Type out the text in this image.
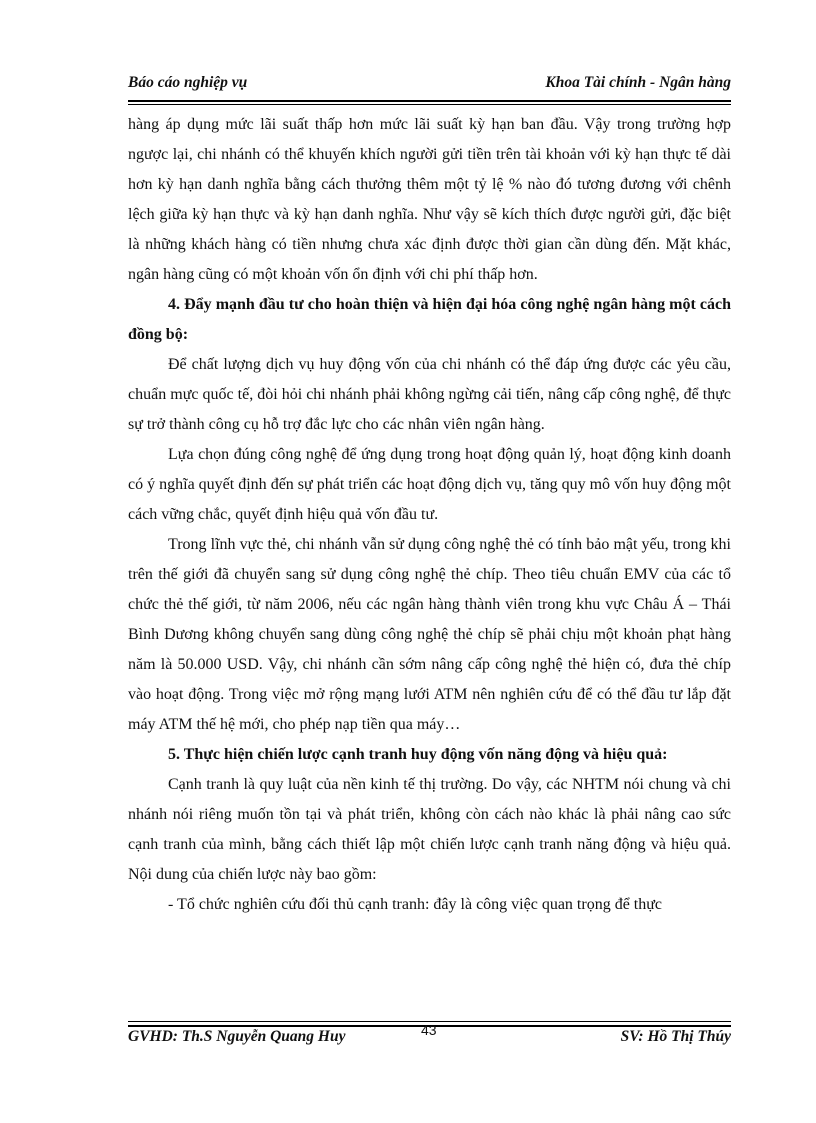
Báo cáo nghiệp vụ	Khoa Tài chính - Ngân hàng

hàng áp dụng mức lãi suất thấp hơn mức lãi suất kỳ hạn ban đầu. Vậy trong trường hợp ngược lại, chi nhánh có thể khuyến khích người gửi tiền trên tài khoản với kỳ hạn thực tế dài hơn kỳ hạn danh nghĩa bằng cách thưởng thêm một tỷ lệ % nào đó tương đương với chênh lệch giữa kỳ hạn thực và kỳ hạn danh nghĩa. Như vậy sẽ kích thích được người gửi, đặc biệt là những khách hàng có tiền nhưng chưa xác định được thời gian cần dùng đến. Mặt khác, ngân hàng cũng có một khoản vốn ổn định với chi phí thấp hơn.

4. Đẩy mạnh đầu tư cho hoàn thiện và hiện đại hóa công nghệ ngân hàng một cách đồng bộ:

Để chất lượng dịch vụ huy động vốn của chi nhánh có thể đáp ứng được các yêu cầu, chuẩn mực quốc tế, đòi hỏi chi nhánh phải không ngừng cải tiến, nâng cấp công nghệ, để thực sự trở thành công cụ hỗ trợ đắc lực cho các nhân viên ngân hàng.

Lựa chọn đúng công nghệ để ứng dụng trong hoạt động quản lý, hoạt động kinh doanh có ý nghĩa quyết định đến sự phát triển các hoạt động dịch vụ, tăng quy mô vốn huy động một cách vững chắc, quyết định hiệu quả vốn đầu tư.

Trong lĩnh vực thẻ, chi nhánh vẫn sử dụng công nghệ thẻ có tính bảo mật yếu, trong khi trên thế giới đã chuyển sang sử dụng công nghệ thẻ chíp. Theo tiêu chuẩn EMV của các tổ chức thẻ thế giới, từ năm 2006, nếu các ngân hàng thành viên trong khu vực Châu Á – Thái Bình Dương không chuyển sang dùng công nghệ thẻ chíp sẽ phải chịu một khoản phạt hàng năm là 50.000 USD. Vậy, chi nhánh cần sớm nâng cấp công nghệ thẻ hiện có, đưa thẻ chíp vào hoạt động. Trong việc mở rộng mạng lưới ATM nên nghiên cứu để có thể đầu tư lắp đặt máy ATM thế hệ mới, cho phép nạp tiền qua máy…

5. Thực hiện chiến lược cạnh tranh huy động vốn năng động và hiệu quả:

Cạnh tranh là quy luật của nền kinh tế thị trường. Do vậy, các NHTM nói chung và chi nhánh nói riêng muốn tồn tại và phát triển, không còn cách nào khác là phải nâng cao sức cạnh tranh của mình, bằng cách thiết lập một chiến lược cạnh tranh năng động và hiệu quả. Nội dung của chiến lược này bao gồm:

- Tổ chức nghiên cứu đối thủ cạnh tranh: đây là công việc quan trọng để thực

GVHD: Th.S Nguyễn Quang Huy	43	SV: Hồ Thị Thúy
